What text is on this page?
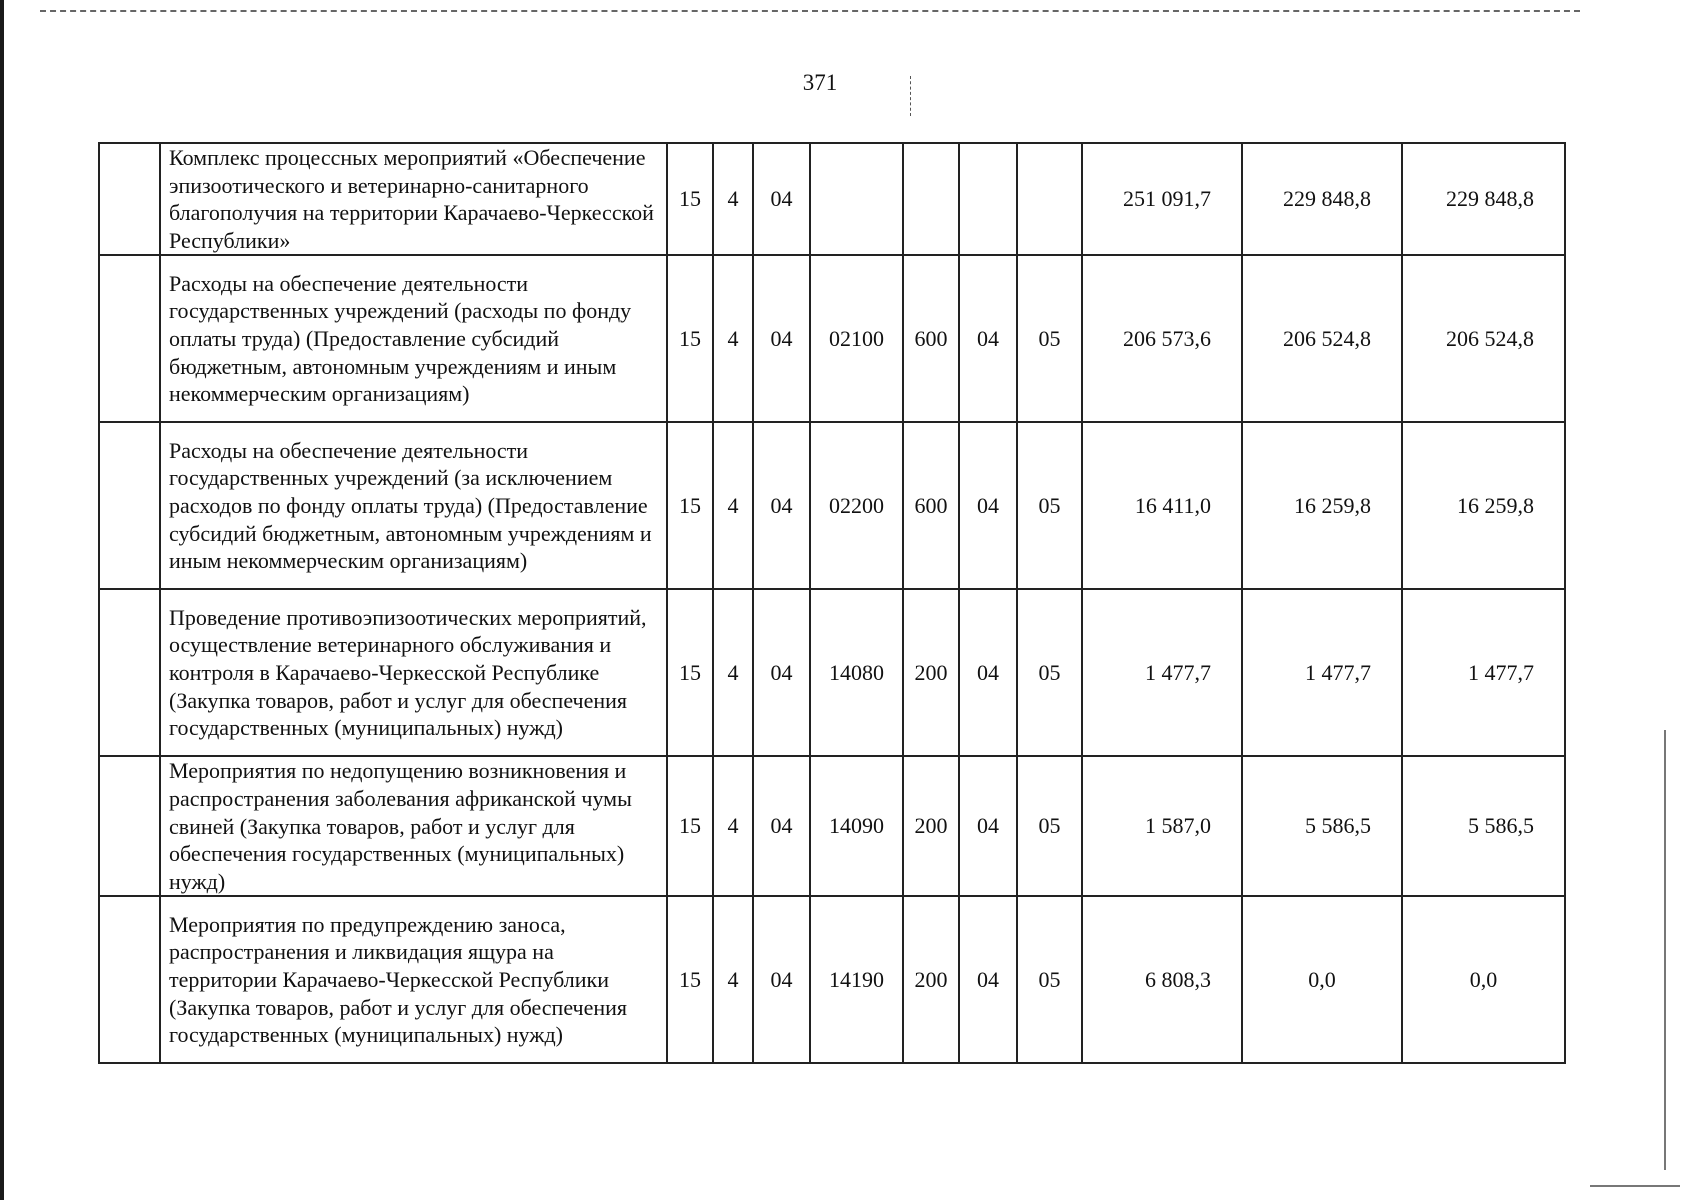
371
	Комплекс процессных мероприятий «Обеспечение эпизоотического и ветеринарно-санитарного благополучия на территории Карачаево-Черкесской Республики»	15	4	04					251 091,7	229 848,8	229 848,8
	Расходы на обеспечение деятельности государственных учреждений (расходы по фонду оплаты труда) (Предоставление субсидий бюджетным, автономным учреждениям и иным некоммерческим организациям)	15	4	04	02100	600	04	05	206 573,6	206 524,8	206 524,8
	Расходы на обеспечение деятельности государственных учреждений (за исключением расходов по фонду оплаты труда) (Предоставление субсидий бюджетным, автономным учреждениям и иным некоммерческим организациям)	15	4	04	02200	600	04	05	16 411,0	16 259,8	16 259,8
	Проведение противоэпизоотических мероприятий, осуществление ветеринарного обслуживания и контроля в Карачаево-Черкесской Республике (Закупка товаров, работ и услуг для обеспечения государственных (муниципальных) нужд)	15	4	04	14080	200	04	05	1 477,7	1 477,7	1 477,7
	Мероприятия по недопущению возникновения и распространения заболевания африканской чумы свиней (Закупка товаров, работ и услуг для обеспечения государственных (муниципальных) нужд)	15	4	04	14090	200	04	05	1 587,0	5 586,5	5 586,5
	Мероприятия по предупреждению заноса, распространения и ликвидация ящура на территории Карачаево-Черкесской Республики (Закупка товаров, работ и услуг для обеспечения государственных (муниципальных) нужд)	15	4	04	14190	200	04	05	6 808,3	0,0	0,0
